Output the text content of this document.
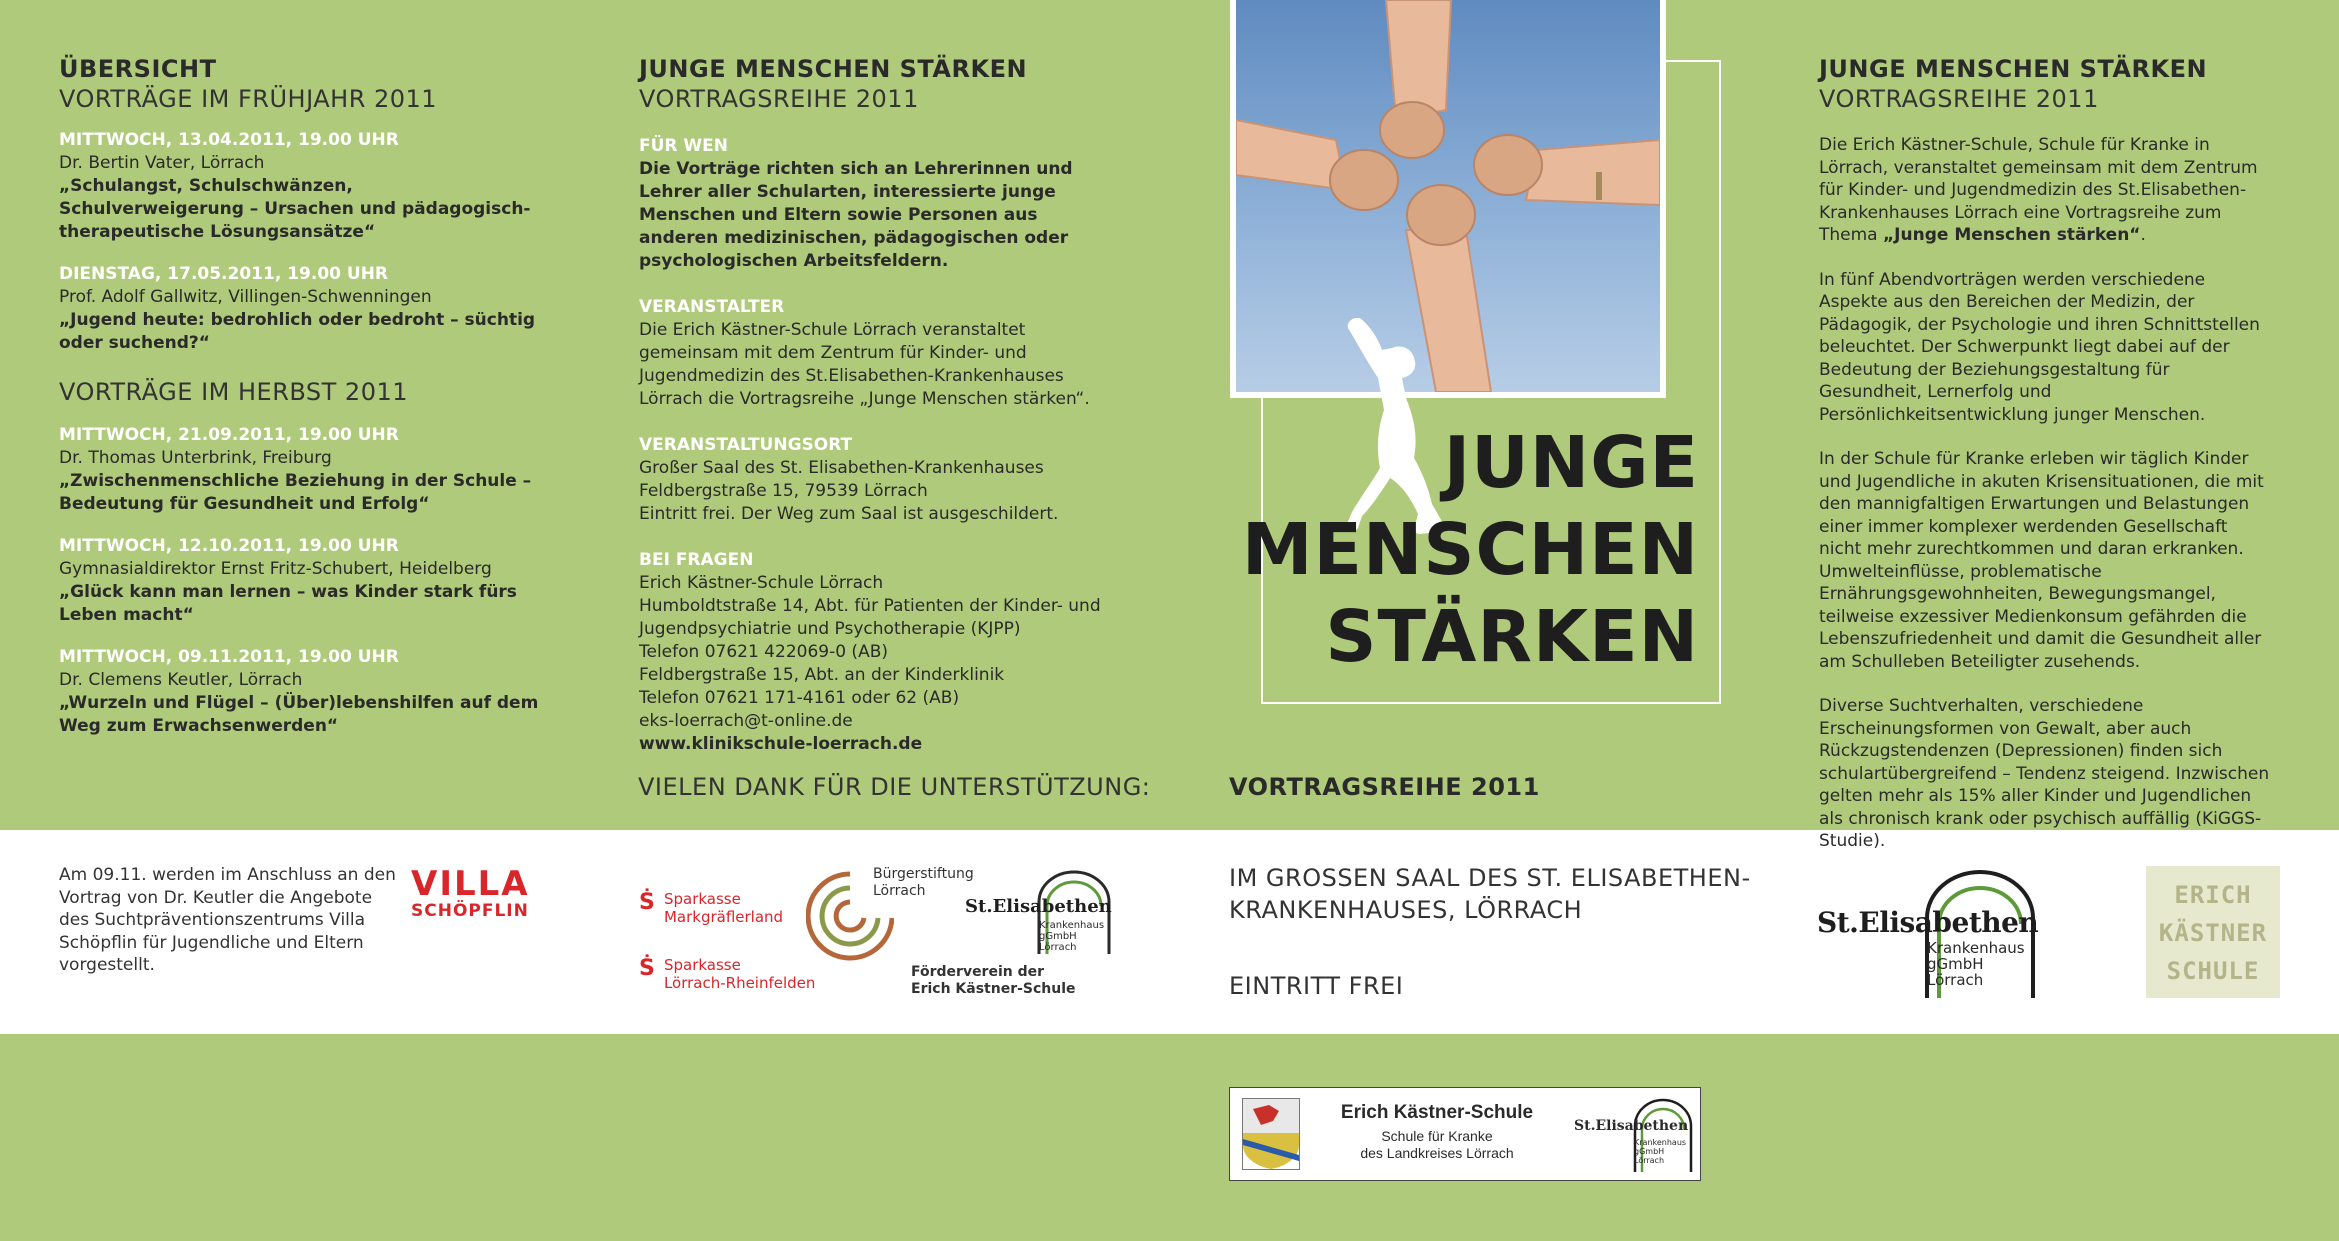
ÜBERSICHT
VORTRÄGE IM FRÜHJAHR 2011
MITTWOCH, 13.04.2011, 19.00 UHR
Dr. Bertin Vater, Lörrach
„Schulangst, Schulschwänzen, Schulverweigerung – Ursachen und pädagogisch-therapeutische Lösungsansätze“
DIENSTAG, 17.05.2011, 19.00 UHR
Prof. Adolf Gallwitz, Villingen-Schwenningen
„Jugend heute: bedrohlich oder bedroht – süchtig oder suchend?“
VORTRÄGE IM HERBST 2011
MITTWOCH, 21.09.2011, 19.00 UHR
Dr. Thomas Unterbrink, Freiburg
„Zwischenmenschliche Beziehung in der Schule – Bedeutung für Gesundheit und Erfolg“
MITTWOCH, 12.10.2011, 19.00 UHR
Gymnasialdirektor Ernst Fritz-Schubert, Heidelberg
„Glück kann man lernen – was Kinder stark fürs Leben macht“
MITTWOCH, 09.11.2011, 19.00 UHR
Dr. Clemens Keutler, Lörrach
„Wurzeln und Flügel – (Über)lebenshilfen auf dem Weg zum Erwachsenwerden“
JUNGE MENSCHEN STÄRKEN
VORTRAGSREIHE 2011
FÜR WEN
Die Vorträge richten sich an Lehrerinnen und Lehrer aller Schularten, interessierte junge Menschen und Eltern sowie Personen aus anderen medizinischen, pädagogischen oder psychologischen Arbeitsfeldern.
VERANSTALTER
Die Erich Kästner-Schule Lörrach veranstaltet gemeinsam mit dem Zentrum für Kinder- und Jugendmedizin des St.Elisabethen-Krankenhauses Lörrach die Vortragsreihe „Junge Menschen stärken“.
VERANSTALTUNGSORT
Großer Saal des St. Elisabethen-Krankenhauses
Feldbergstraße 15, 79539 Lörrach
Eintritt frei. Der Weg zum Saal ist ausgeschildert.
BEI FRAGEN
Erich Kästner-Schule Lörrach
Humboldtstraße 14, Abt. für Patienten der Kinder- und
Jugendpsychiatrie und Psychotherapie (KJPP)
Telefon 07621 422069-0 (AB)
Feldbergstraße 15, Abt. an der Kinderklinik
Telefon 07621 171-4161 oder 62 (AB)
eks-loerrach@t-online.de
www.klinikschule-loerrach.de
VIELEN DANK FÜR DIE UNTERSTÜTZUNG:
JUNGE
MENSCHEN
STÄRKEN
VORTRAGSREIHE 2011
JUNGE MENSCHEN STÄRKEN
VORTRAGSREIHE 2011
Die Erich Kästner-Schule, Schule für Kranke in Lörrach, veranstaltet gemeinsam mit dem Zentrum für Kinder- und Jugendmedizin des St.Elisabethen-Krankenhauses Lörrach eine Vortragsreihe zum Thema „Junge Menschen stärken“.
In fünf Abendvorträgen werden verschiedene Aspekte aus den Bereichen der Medizin, der Pädagogik, der Psychologie und ihren Schnittstellen beleuchtet. Der Schwerpunkt liegt dabei auf der Bedeutung der Beziehungsgestaltung für Gesundheit, Lernerfolg und Persönlichkeitsentwicklung junger Menschen.
In der Schule für Kranke erleben wir täglich Kinder und Jugendliche in akuten Krisensituationen, die mit den mannigfaltigen Erwartungen und Belastungen einer immer komplexer werdenden Gesellschaft nicht mehr zurechtkommen und daran erkranken. Umwelteinflüsse, problematische Ernährungsgewohnheiten, Bewegungsmangel, teilweise exzessiver Medienkonsum gefährden die Lebenszufriedenheit und damit die Gesundheit aller am Schulleben Beteiligter zusehends.
Diverse Suchtverhalten, verschiedene Erscheinungsformen von Gewalt, aber auch Rückzugstendenzen (Depressionen) finden sich schulartübergreifend – Tendenz steigend. Inzwischen gelten mehr als 15% aller Kinder und Jugendlichen als chronisch krank oder psychisch auffällig (KiGGS-Studie).
Am 09.11. werden im Anschluss an den Vortrag von Dr. Keutler die Angebote des Suchtpräventionszentrums Villa Schöpflin für Jugendliche und Eltern vorgestellt.
VILLA
SCHÖPFLIN	Ṡ Sparkasse
Markgräflerland
Ṡ Sparkasse
Lörrach-Rheinfelden
Bürgerstiftung
Lörrach
St.Elisabethen
Krankenhaus
gGmbH
Lörrach
Förderverein der
Erich Kästner-Schule
IM GROSSEN SAAL DES ST. ELISABETHEN-
KRANKENHAUSES, LÖRRACH
EINTRITT FREI
St.Elisabethen
Krankenhaus
gGmbH
Lörrach
ERICH
KÄSTNER
SCHULE
Erich Kästner-Schule
Schule für Kranke
des Landkreises Lörrach
St.Elisabethen
Krankenhaus
gGmbH
Lörrach
